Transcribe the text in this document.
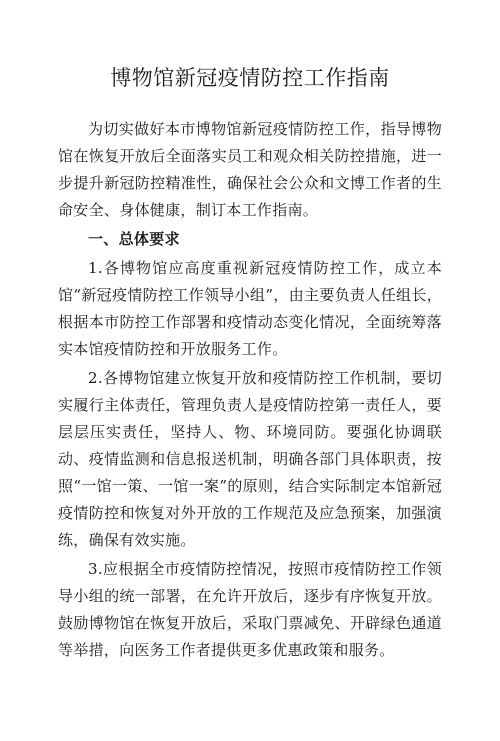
博物馆新冠疫情防控工作指南

为切实做好本市博物馆新冠疫情防控工作，指导博物馆在恢复开放后全面落实员工和观众相关防控措施，进一步提升新冠防控精准性，确保社会公众和文博工作者的生命安全、身体健康，制订本工作指南。

一、总体要求

1.各博物馆应高度重视新冠疫情防控工作，成立本馆“新冠疫情防控工作领导小组”，由主要负责人任组长，根据本市防控工作部署和疫情动态变化情况，全面统筹落实本馆疫情防控和开放服务工作。

2.各博物馆建立恢复开放和疫情防控工作机制，要切实履行主体责任，管理负责人是疫情防控第一责任人，要层层压实责任，坚持人、物、环境同防。要强化协调联动、疫情监测和信息报送机制，明确各部门具体职责，按照“一馆一策、一馆一案”的原则，结合实际制定本馆新冠疫情防控和恢复对外开放的工作规范及应急预案，加强演练，确保有效实施。

3.应根据全市疫情防控情况，按照市疫情防控工作领导小组的统一部署，在允许开放后，逐步有序恢复开放。鼓励博物馆在恢复开放后，采取门票减免、开辟绿色通道等举措，向医务工作者提供更多优惠政策和服务。
